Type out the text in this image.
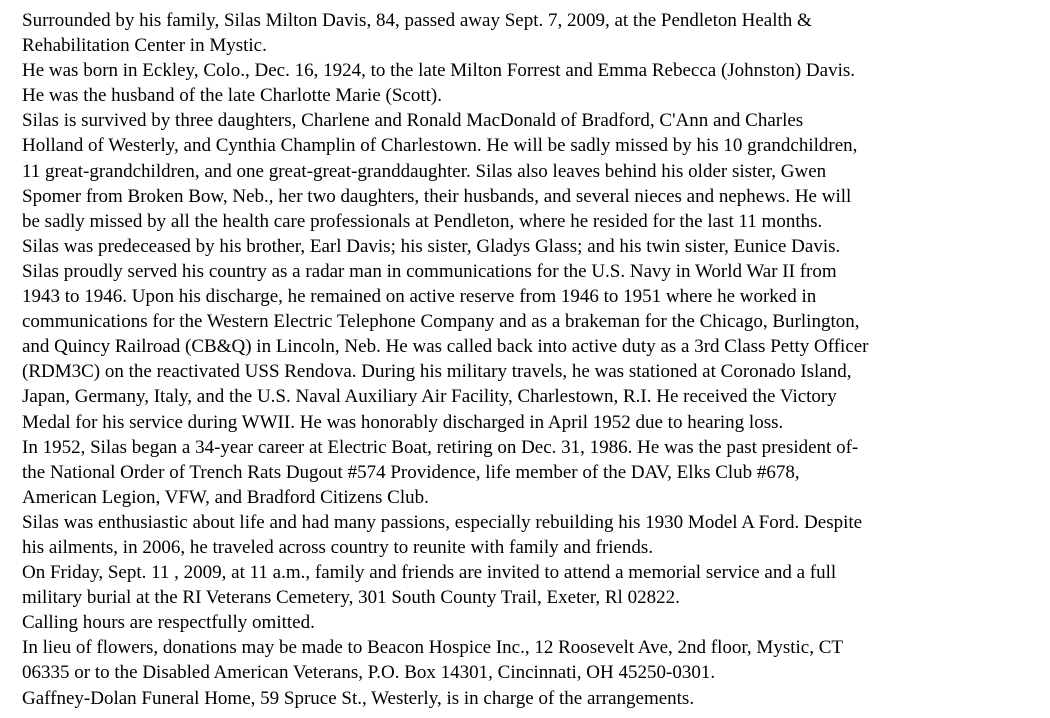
Surrounded by his family, Silas Milton Davis, 84, passed away Sept. 7, 2009, at the Pendleton Health &
Rehabilitation Center in Mystic.
He was born in Eckley, Colo., Dec. 16, 1924, to the late Milton Forrest and Emma Rebecca (Johnston) Davis.
He was the husband of the late Charlotte Marie (Scott).
Silas is survived by three daughters, Charlene and Ronald MacDonald of Bradford, C'Ann and Charles
Holland of Westerly, and Cynthia Champlin of Charlestown. He will be sadly missed by his 10 grandchildren,
11 great-grandchildren, and one great-great-granddaughter. Silas also leaves behind his older sister, Gwen
Spomer from Broken Bow, Neb., her two daughters, their husbands, and several nieces and nephews. He will
be sadly missed by all the health care professionals at Pendleton, where he resided for the last 11 months.
Silas was predeceased by his brother, Earl Davis; his sister, Gladys Glass; and his twin sister, Eunice Davis.
Silas proudly served his country as a radar man in communications for the U.S. Navy in World War II from
1943 to 1946. Upon his discharge, he remained on active reserve from 1946 to 1951 where he worked in
communications for the Western Electric Telephone Company and as a brakeman for the Chicago, Burlington,
and Quincy Railroad (CB&Q) in Lincoln, Neb. He was called back into active duty as a 3rd Class Petty Officer
(RDM3C) on the reactivated USS Rendova. During his military travels, he was stationed at Coronado Island,
Japan, Germany, Italy, and the U.S. Naval Auxiliary Air Facility, Charlestown, R.I. He received the Victory
Medal for his service during WWII. He was honorably discharged in April 1952 due to hearing loss.
In 1952, Silas began a 34-year career at Electric Boat, retiring on Dec. 31, 1986. He was the past president of-
the National Order of Trench Rats Dugout #574 Providence, life member of the DAV, Elks Club #678,
American Legion, VFW, and Bradford Citizens Club.
Silas was enthusiastic about life and had many passions, especially rebuilding his 1930 Model A Ford. Despite
his ailments, in 2006, he traveled across country to reunite with family and friends.
On Friday, Sept. 11 , 2009, at 11 a.m., family and friends are invited to attend a memorial service and a full
military burial at the RI Veterans Cemetery, 301 South County Trail, Exeter, Rl 02822.
Calling hours are respectfully omitted.
In lieu of flowers, donations may be made to Beacon Hospice Inc., 12 Roosevelt Ave, 2nd floor, Mystic, CT
06335 or to the Disabled American Veterans, P.O. Box 14301, Cincinnati, OH 45250-0301.
Gaffney-Dolan Funeral Home, 59 Spruce St., Westerly, is in charge of the arrangements.
